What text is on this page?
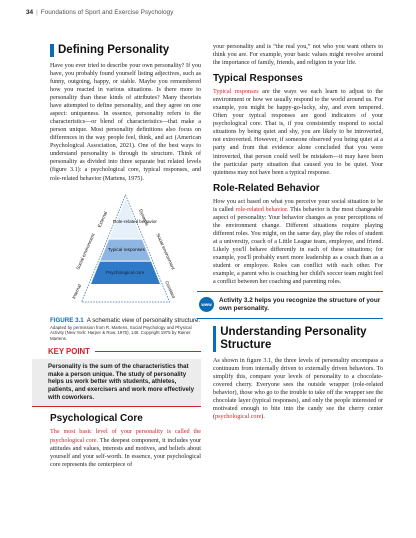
34 | Foundations of Sport and Exercise Psychology
Defining Personality

Have you ever tried to describe your own personality? If you have, you probably found yourself listing adjectives, such as funny, outgoing, happy, or stable. Maybe you remembered how you reacted in various situations. Is there more to personality than these kinds of attributes? Many theorists have attempted to define personality, and they agree on one aspect: uniqueness. In essence, personality refers to the characteristics—or blend of characteristics—that make a person unique. Most personality definitions also focus on differences in the way people feel, think, and act (American Psychological Association, 2021). One of the best ways to understand personality is through its structure. Think of personality as divided into three separate but related levels (figure 3.1): a psychological core, typical responses, and role-related behavior (Martens, 1975).

Role-related behavior
Typical responses
Psychological core
External	Dynamic
Internal	Constant
Social environment	Social environment
FIGURE 3.1 A schematic view of personality structure.
Adapted by permission from R. Martens, Social Psychology and Physical Activity (New York: Harper & Row, 1975), 146. Copyright 1975 by Rainer Martens.
KEY POINT
Personality is the sum of the characteristics that make a person unique. The study of personality helps us work better with students, athletes, patients, and exercisers and work more effectively with coworkers.
Psychological Core

The most basic level of your personality is called the psychological core. The deepest component, it includes your attitudes and values, interests and motives, and beliefs about yourself and your self-worth. In essence, your psychological core represents the centerpiece of

your personality and is “the real you,” not who you want others to think you are. For example, your basic values might revolve around the importance of family, friends, and religion in your life.

Typical Responses

Typical responses are the ways we each learn to adjust to the environment or how we usually respond to the world around us. For example, you might be happy-go-lucky, shy, and even tempered. Often your typical responses are good indicators of your psychological core. That is, if you consistently respond to social situations by being quiet and shy, you are likely to be introverted, not extroverted. However, if someone observed you being quiet at a party and from that evidence alone concluded that you were introverted, that person could well be mistaken—it may have been the particular party situation that caused you to be quiet. Your quietness may not have been a typical response.

Role-Related Behavior

How you act based on what you perceive your social situation to be is called role-related behavior. This behavior is the most changeable aspect of personality: Your behavior changes as your perceptions of the environment change. Different situations require playing different roles. You might, on the same day, play the roles of student at a university, coach of a Little League team, employee, and friend. Likely you'll behave differently in each of these situations; for example, you'll probably exert more leadership as a coach than as a student or employee. Roles can conflict with each other. For example, a parent who is coaching her child's soccer team might feel a conflict between her coaching and parenting roles.

www
Activity 3.2 helps you recognize the structure of your own personality.
Understanding Personality Structure

As shown in figure 3.1, the three levels of personality encompass a continuum from internally driven to externally driven behaviors. To simplify this, compare your levels of personality to a chocolate-covered cherry. Everyone sees the outside wrapper (role-related behavior), those who go to the trouble to take off the wrapper see the chocolate layer (typical responses), and only the people interested or motivated enough to bite into the candy see the cherry center (psychological core).
